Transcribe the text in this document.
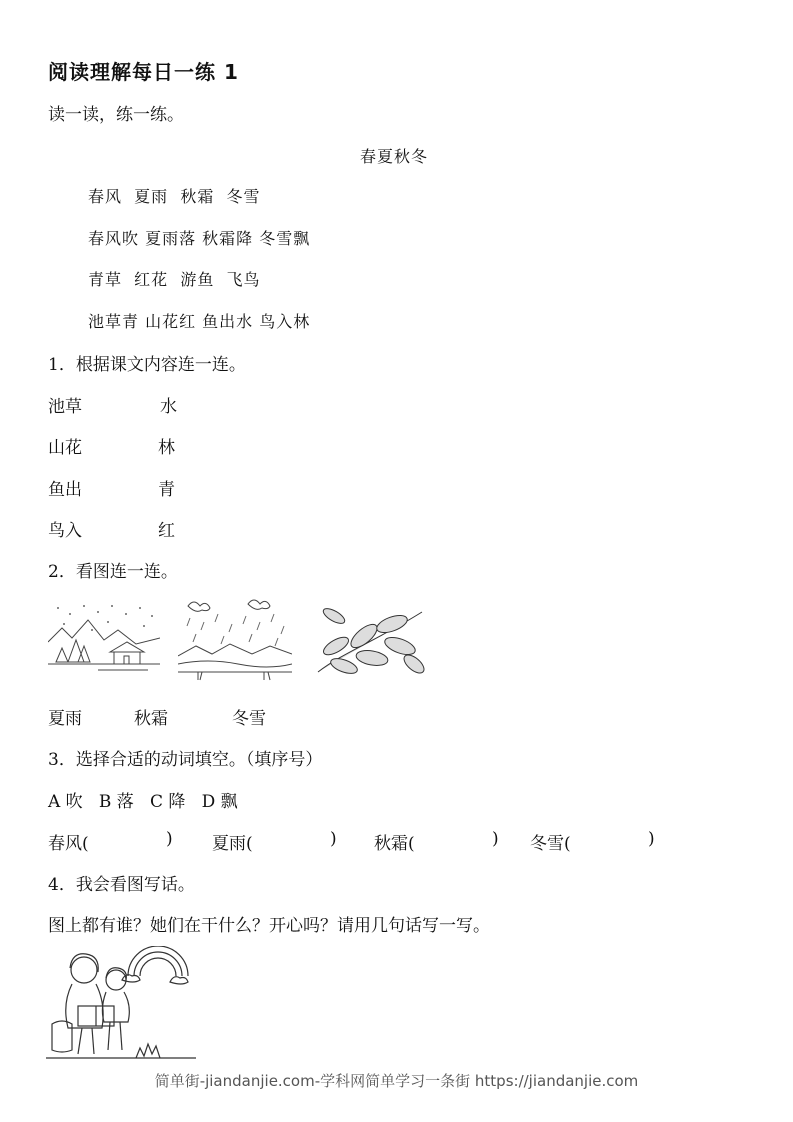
阅读理解每日一练 1
读一读，练一练。
春夏秋冬
春风  夏雨  秋霜  冬雪
春风吹 夏雨落 秋霜降 冬雪飘
青草  红花  游鱼  飞鸟
池草青 山花红 鱼出水 鸟入林
1．根据课文内容连一连。
池草	水
山花	林
鱼出	青
鸟入	红
2．看图连一连。
夏雨	秋霜	冬雪
3．选择合适的动词填空。（填序号）
A 吹   B 落   C 降   D 飘
春风(	) 夏雨(	) 秋霜(	) 冬雪(	)
4．我会看图写话。
图上都有谁？她们在干什么？开心吗？请用几句话写一写。
简单街-jiandanjie.com-学科网简单学习一条街 https://jiandanjie.com
